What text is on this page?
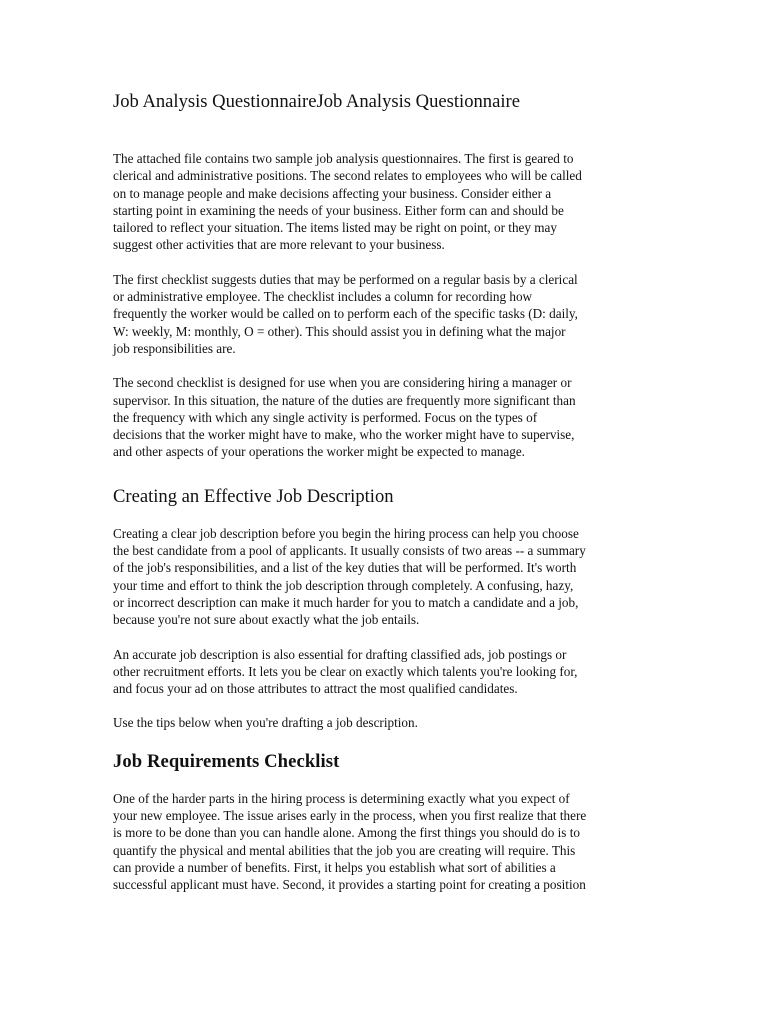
Job Analysis QuestionnaireJob Analysis Questionnaire

The attached file contains two sample job analysis questionnaires. The first is geared to
clerical and administrative positions. The second relates to employees who will be called
on to manage people and make decisions affecting your business. Consider either a
starting point in examining the needs of your business. Either form can and should be
tailored to reflect your situation. The items listed may be right on point, or they may
suggest other activities that are more relevant to your business.

The first checklist suggests duties that may be performed on a regular basis by a clerical
or administrative employee. The checklist includes a column for recording how
frequently the worker would be called on to perform each of the specific tasks (D: daily,
W: weekly, M: monthly, O = other). This should assist you in defining what the major
job responsibilities are.

The second checklist is designed for use when you are considering hiring a manager or
supervisor. In this situation, the nature of the duties are frequently more significant than
the frequency with which any single activity is performed. Focus on the types of
decisions that the worker might have to make, who the worker might have to supervise,
and other aspects of your operations the worker might be expected to manage.

Creating an Effective Job Description

Creating a clear job description before you begin the hiring process can help you choose
the best candidate from a pool of applicants. It usually consists of two areas -- a summary
of the job's responsibilities, and a list of the key duties that will be performed. It's worth
your time and effort to think the job description through completely. A confusing, hazy,
or incorrect description can make it much harder for you to match a candidate and a job,
because you're not sure about exactly what the job entails.

An accurate job description is also essential for drafting classified ads, job postings or
other recruitment efforts. It lets you be clear on exactly which talents you're looking for,
and focus your ad on those attributes to attract the most qualified candidates.

Use the tips below when you're drafting a job description.

Job Requirements Checklist

One of the harder parts in the hiring process is determining exactly what you expect of
your new employee. The issue arises early in the process, when you first realize that there
is more to be done than you can handle alone. Among the first things you should do is to
quantify the physical and mental abilities that the job you are creating will require. This
can provide a number of benefits. First, it helps you establish what sort of abilities a
successful applicant must have. Second, it provides a starting point for creating a position
